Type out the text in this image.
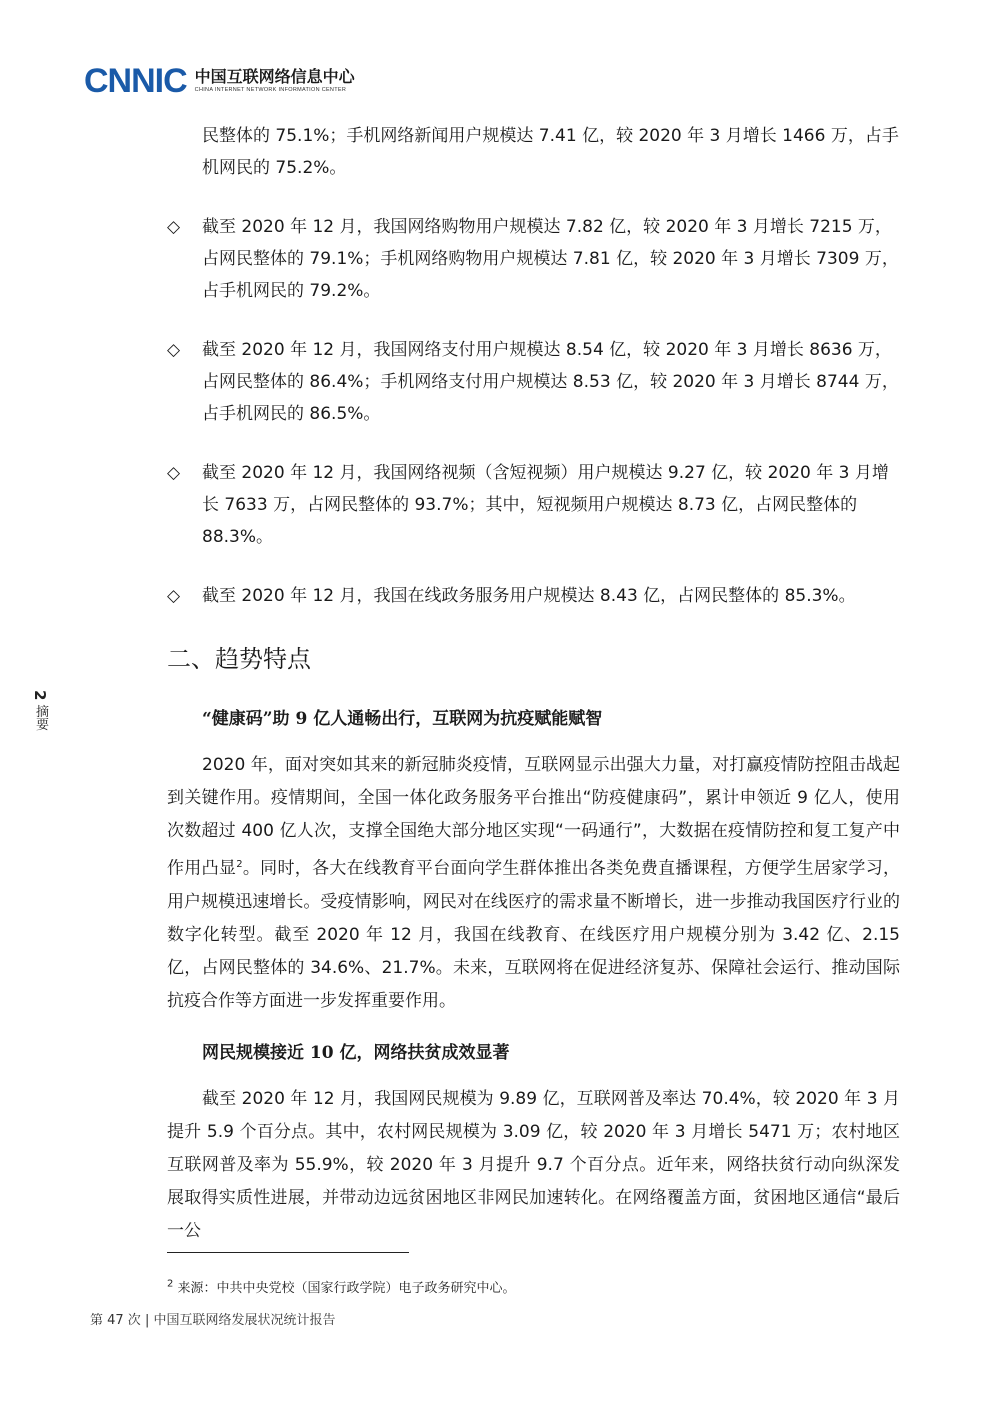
CNNIC 中国互联网络信息中心
CHINA INTERNET NETWORK INFORMATION CENTER
2 摘要
民整体的 75.1%；手机网络新闻用户规模达 7.41 亿，较 2020 年 3 月增长 1466 万，占手机网民的 75.2%。
◇ 截至 2020 年 12 月，我国网络购物用户规模达 7.82 亿，较 2020 年 3 月增长 7215 万，占网民整体的 79.1%；手机网络购物用户规模达 7.81 亿，较 2020 年 3 月增长 7309 万，占手机网民的 79.2%。
◇ 截至 2020 年 12 月，我国网络支付用户规模达 8.54 亿，较 2020 年 3 月增长 8636 万，占网民整体的 86.4%；手机网络支付用户规模达 8.53 亿，较 2020 年 3 月增长 8744 万，占手机网民的 86.5%。
◇ 截至 2020 年 12 月，我国网络视频（含短视频）用户规模达 9.27 亿，较 2020 年 3 月增长 7633 万，占网民整体的 93.7%；其中，短视频用户规模达 8.73 亿，占网民整体的 88.3%。
◇ 截至 2020 年 12 月，我国在线政务服务用户规模达 8.43 亿，占网民整体的 85.3%。
二、趋势特点
“健康码”助 9 亿人通畅出行，互联网为抗疫赋能赋智
2020 年，面对突如其来的新冠肺炎疫情，互联网显示出强大力量，对打赢疫情防控阻击战起到关键作用。疫情期间，全国一体化政务服务平台推出“防疫健康码”，累计申领近 9 亿人，使用次数超过 400 亿人次，支撑全国绝大部分地区实现“一码通行”，大数据在疫情防控和复工复产中作用凸显$^2$。同时，各大在线教育平台面向学生群体推出各类免费直播课程，方便学生居家学习，用户规模迅速增长。受疫情影响，网民对在线医疗的需求量不断增长，进一步推动我国医疗行业的数字化转型。截至 2020 年 12 月，我国在线教育、在线医疗用户规模分别为 3.42 亿、2.15 亿，占网民整体的 34.6%、21.7%。未来，互联网将在促进经济复苏、保障社会运行、推动国际抗疫合作等方面进一步发挥重要作用。
网民规模接近 10 亿，网络扶贫成效显著
截至 2020 年 12 月，我国网民规模为 9.89 亿，互联网普及率达 70.4%，较 2020 年 3 月提升 5.9 个百分点。其中，农村网民规模为 3.09 亿，较 2020 年 3 月增长 5471 万；农村地区互联网普及率为 55.9%，较 2020 年 3 月提升 9.7 个百分点。近年来，网络扶贫行动向纵深发展取得实质性进展，并带动边远贫困地区非网民加速转化。在网络覆盖方面，贫困地区通信“最后一公
$^2$ 来源：中共中央党校（国家行政学院）电子政务研究中心。
第 47 次 | 中国互联网络发展状况统计报告
